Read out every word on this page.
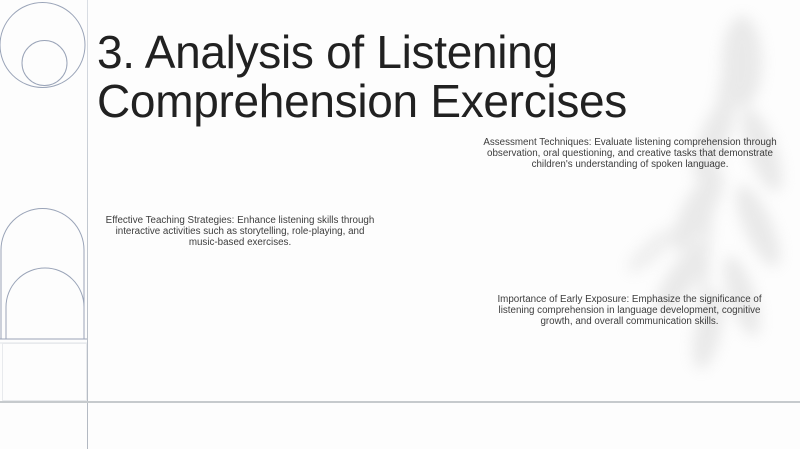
3. Analysis of Listening Comprehension Exercises

Assessment Techniques: Evaluate listening comprehension through observation, oral questioning, and creative tasks that demonstrate children's understanding of spoken language.

Effective Teaching Strategies: Enhance listening skills through interactive activities such as storytelling, role-playing, and music-based exercises.

Importance of Early Exposure: Emphasize the significance of listening comprehension in language development, cognitive growth, and overall communication skills.
